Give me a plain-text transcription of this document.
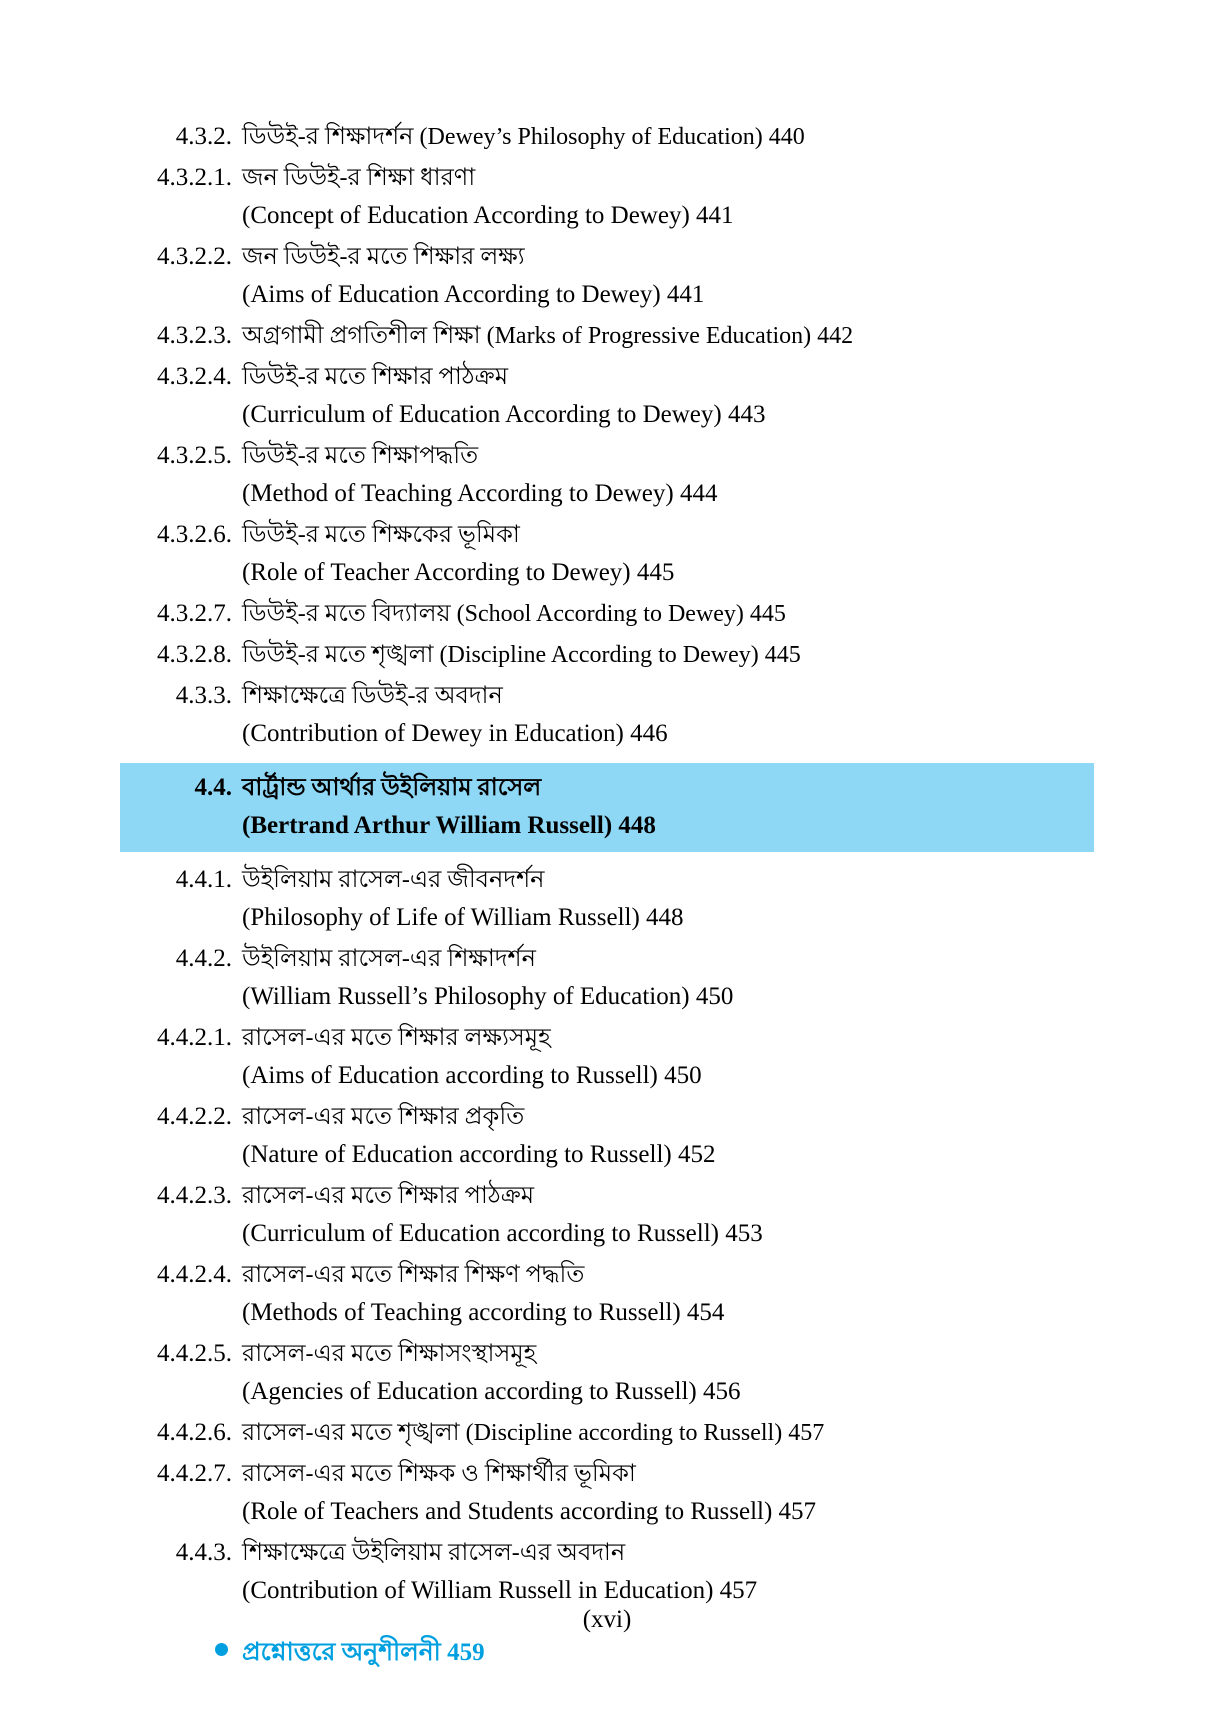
4.3.2. ডিউই-র শিক্ষাদর্শন (Dewey’s Philosophy of Education) 440
4.3.2.1. জন ডিউই-র শিক্ষা ধারণা
(Concept of Education According to Dewey) 441
4.3.2.2. জন ডিউই-র মতে শিক্ষার লক্ষ্য
(Aims of Education According to Dewey) 441
4.3.2.3. অগ্রগামী প্রগতিশীল শিক্ষা (Marks of Progressive Education) 442
4.3.2.4. ডিউই-র মতে শিক্ষার পাঠক্রম
(Curriculum of Education According to Dewey) 443
4.3.2.5. ডিউই-র মতে শিক্ষাপদ্ধতি
(Method of Teaching According to Dewey) 444
4.3.2.6. ডিউই-র মতে শিক্ষকের ভূমিকা
(Role of Teacher According to Dewey) 445
4.3.2.7. ডিউই-র মতে বিদ্যালয় (School According to Dewey) 445
4.3.2.8. ডিউই-র মতে শৃঙ্খলা (Discipline According to Dewey) 445
4.3.3. শিক্ষাক্ষেত্রে ডিউই-র অবদান
(Contribution of Dewey in Education) 446
4.4. বার্ট্রান্ড আর্থার উইলিয়াম রাসেল
(Bertrand Arthur William Russell) 448
4.4.1. উইলিয়াম রাসেল-এর জীবনদর্শন
(Philosophy of Life of William Russell) 448
4.4.2. উইলিয়াম রাসেল-এর শিক্ষাদর্শন
(William Russell’s Philosophy of Education) 450
4.4.2.1. রাসেল-এর মতে শিক্ষার লক্ষ্যসমূহ
(Aims of Education according to Russell) 450
4.4.2.2. রাসেল-এর মতে শিক্ষার প্রকৃতি
(Nature of Education according to Russell) 452
4.4.2.3. রাসেল-এর মতে শিক্ষার পাঠক্রম
(Curriculum of Education according to Russell) 453
4.4.2.4. রাসেল-এর মতে শিক্ষার শিক্ষণ পদ্ধতি
(Methods of Teaching according to Russell) 454
4.4.2.5. রাসেল-এর মতে শিক্ষাসংস্থাসমূহ
(Agencies of Education according to Russell) 456
4.4.2.6. রাসেল-এর মতে শৃঙ্খলা (Discipline according to Russell) 457
4.4.2.7. রাসেল-এর মতে শিক্ষক ও শিক্ষার্থীর ভূমিকা
(Role of Teachers and Students according to Russell) 457
4.4.3. শিক্ষাক্ষেত্রে উইলিয়াম রাসেল-এর অবদান
(Contribution of William Russell in Education) 457
প্রশ্নোত্তরে অনুশীলনী 459
(xvi)
